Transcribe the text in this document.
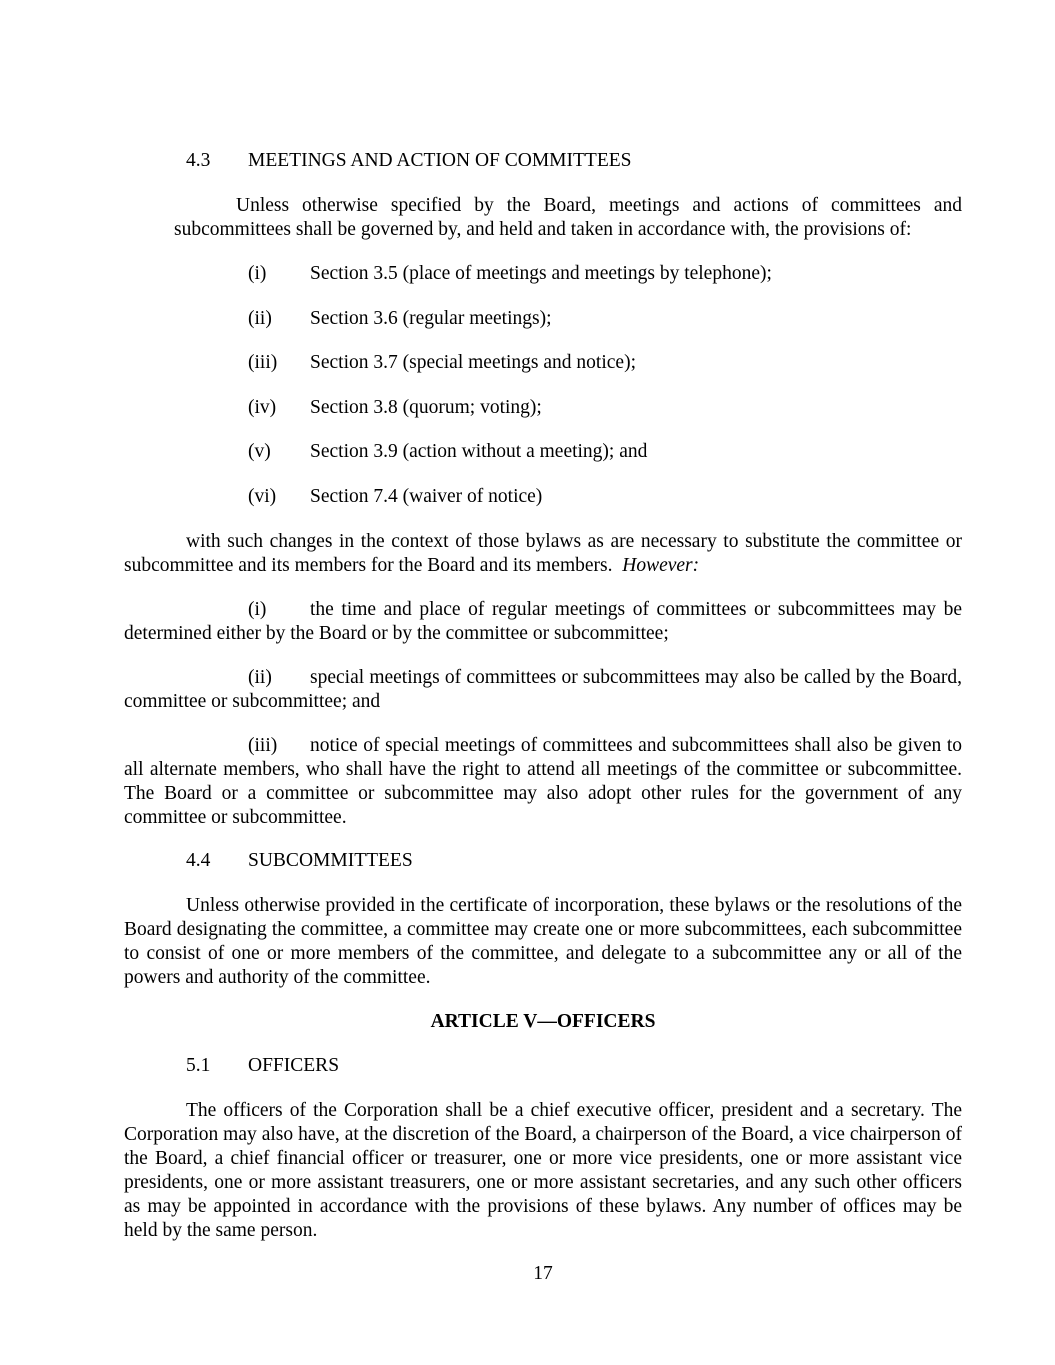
4.3 MEETINGS AND ACTION OF COMMITTEES
Unless otherwise specified by the Board, meetings and actions of committees and subcommittees shall be governed by, and held and taken in accordance with, the provisions of:
(i) Section 3.5 (place of meetings and meetings by telephone);
(ii) Section 3.6 (regular meetings);
(iii) Section 3.7 (special meetings and notice);
(iv) Section 3.8 (quorum; voting);
(v) Section 3.9 (action without a meeting); and
(vi) Section 7.4 (waiver of notice)
with such changes in the context of those bylaws as are necessary to substitute the committee or subcommittee and its members for the Board and its members. However:
(i) the time and place of regular meetings of committees or subcommittees may be determined either by the Board or by the committee or subcommittee;
(ii) special meetings of committees or subcommittees may also be called by the Board, committee or subcommittee; and
(iii) notice of special meetings of committees and subcommittees shall also be given to all alternate members, who shall have the right to attend all meetings of the committee or subcommittee. The Board or a committee or subcommittee may also adopt other rules for the government of any committee or subcommittee.
4.4 SUBCOMMITTEES
Unless otherwise provided in the certificate of incorporation, these bylaws or the resolutions of the Board designating the committee, a committee may create one or more subcommittees, each subcommittee to consist of one or more members of the committee, and delegate to a subcommittee any or all of the powers and authority of the committee.
ARTICLE V—OFFICERS
5.1 OFFICERS
The officers of the Corporation shall be a chief executive officer, president and a secretary. The Corporation may also have, at the discretion of the Board, a chairperson of the Board, a vice chairperson of the Board, a chief financial officer or treasurer, one or more vice presidents, one or more assistant vice presidents, one or more assistant treasurers, one or more assistant secretaries, and any such other officers as may be appointed in accordance with the provisions of these bylaws. Any number of offices may be held by the same person.
17
